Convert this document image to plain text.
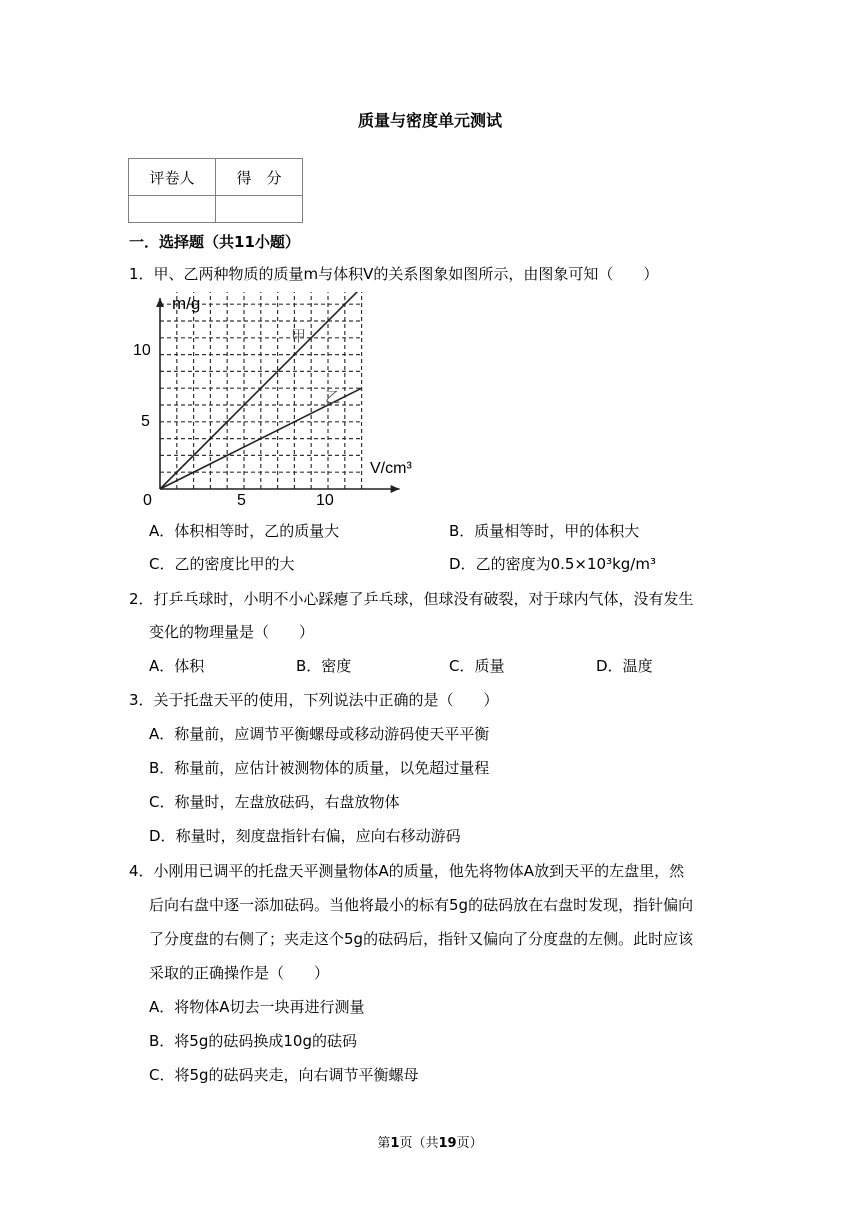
质量与密度单元测试
评卷人	得　分

一．选择题（共11小题）
1．甲、乙两种物质的质量m与体积V的关系图象如图所示，由图象可知（　　）
m/g
V/cm³
0	5	10
5
10
甲
乙
A．体积相等时，乙的质量大	B．质量相等时，甲的体积大
C．乙的密度比甲的大	D．乙的密度为0.5×10³kg/m³
2．打乒乓球时，小明不小心踩瘪了乒乓球，但球没有破裂，对于球内气体，没有发生
变化的物理量是（　　）
A．体积	B．密度	C．质量	D．温度
3．关于托盘天平的使用，下列说法中正确的是（　　）
A．称量前，应调节平衡螺母或移动游码使天平平衡
B．称量前，应估计被测物体的质量，以免超过量程
C．称量时，左盘放砝码，右盘放物体
D．称量时，刻度盘指针右偏，应向右移动游码
4．小刚用已调平的托盘天平测量物体A的质量，他先将物体A放到天平的左盘里，然
后向右盘中逐一添加砝码。当他将最小的标有5g的砝码放在右盘时发现，指针偏向
了分度盘的右侧了；夹走这个5g的砝码后，指针又偏向了分度盘的左侧。此时应该
采取的正确操作是（　　）
A．将物体A切去一块再进行测量
B．将5g的砝码换成10g的砝码
C．将5g的砝码夹走，向右调节平衡螺母
第1页（共19页）
